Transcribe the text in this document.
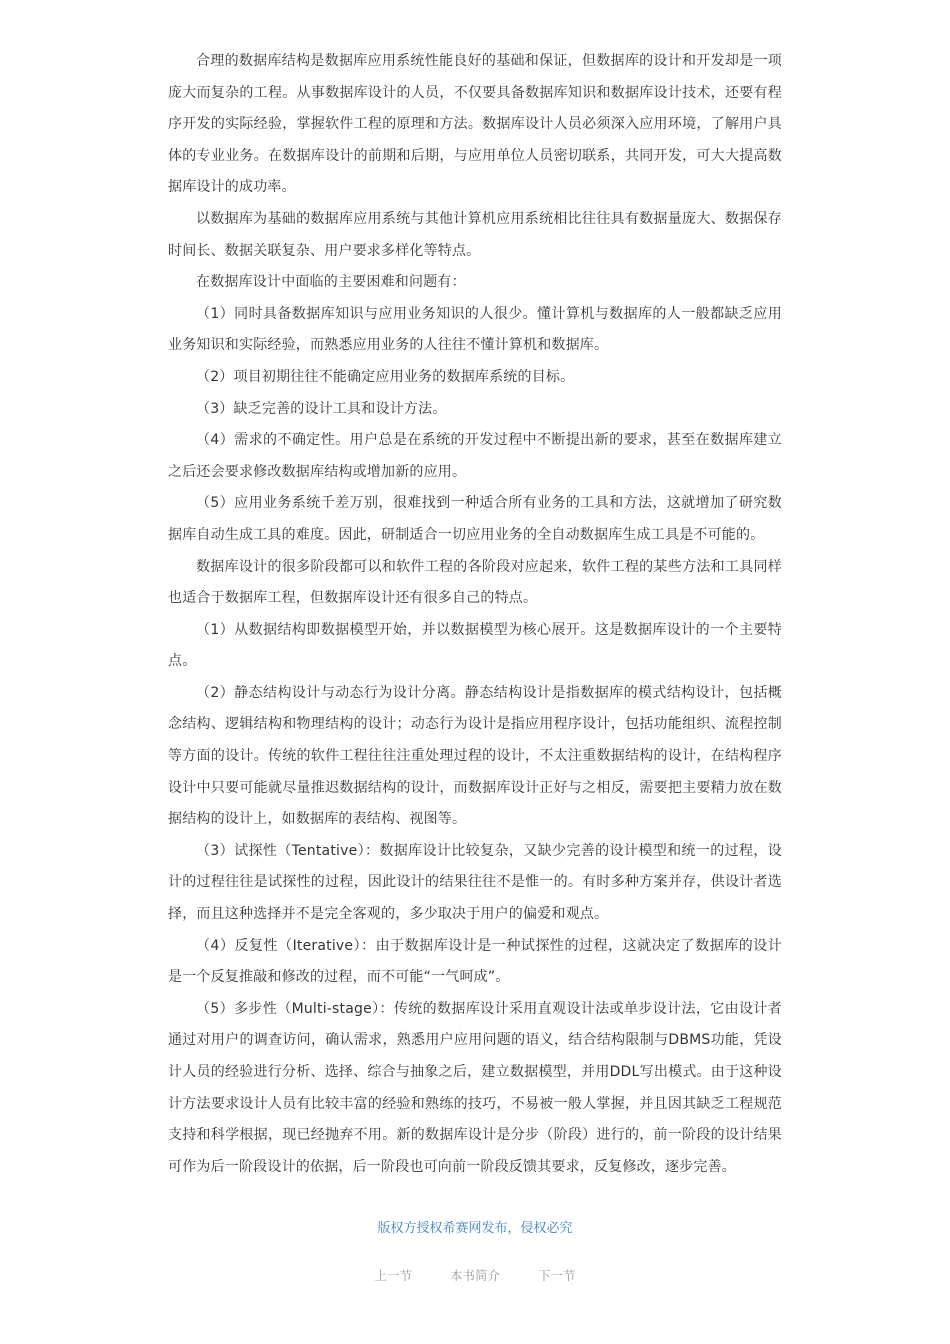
合理的数据库结构是数据库应用系统性能良好的基础和保证，但数据库的设计和开发却是一项庞大而复杂的工程。从事数据库设计的人员，不仅要具备数据库知识和数据库设计技术，还要有程序开发的实际经验，掌握软件工程的原理和方法。数据库设计人员必须深入应用环境，了解用户具体的专业业务。在数据库设计的前期和后期，与应用单位人员密切联系，共同开发，可大大提高数据库设计的成功率。

以数据库为基础的数据库应用系统与其他计算机应用系统相比往往具有数据量庞大、数据保存时间长、数据关联复杂、用户要求多样化等特点。

在数据库设计中面临的主要困难和问题有：

（1）同时具备数据库知识与应用业务知识的人很少。懂计算机与数据库的人一般都缺乏应用业务知识和实际经验，而熟悉应用业务的人往往不懂计算机和数据库。

（2）项目初期往往不能确定应用业务的数据库系统的目标。

（3）缺乏完善的设计工具和设计方法。

（4）需求的不确定性。用户总是在系统的开发过程中不断提出新的要求，甚至在数据库建立之后还会要求修改数据库结构或增加新的应用。

（5）应用业务系统千差万别，很难找到一种适合所有业务的工具和方法，这就增加了研究数据库自动生成工具的难度。因此，研制适合一切应用业务的全自动数据库生成工具是不可能的。

数据库设计的很多阶段都可以和软件工程的各阶段对应起来，软件工程的某些方法和工具同样也适合于数据库工程，但数据库设计还有很多自己的特点。

（1）从数据结构即数据模型开始，并以数据模型为核心展开。这是数据库设计的一个主要特点。

（2）静态结构设计与动态行为设计分离。静态结构设计是指数据库的模式结构设计，包括概念结构、逻辑结构和物理结构的设计；动态行为设计是指应用程序设计，包括功能组织、流程控制等方面的设计。传统的软件工程往往注重处理过程的设计，不太注重数据结构的设计，在结构程序设计中只要可能就尽量推迟数据结构的设计，而数据库设计正好与之相反，需要把主要精力放在数据结构的设计上，如数据库的表结构、视图等。

（3）试探性（Tentative）：数据库设计比较复杂，又缺少完善的设计模型和统一的过程，设计的过程往往是试探性的过程，因此设计的结果往往不是惟一的。有时多种方案并存，供设计者选择，而且这种选择并不是完全客观的，多少取决于用户的偏爱和观点。

（4）反复性（Iterative）：由于数据库设计是一种试探性的过程，这就决定了数据库的设计是一个反复推敲和修改的过程，而不可能“一气呵成”。

（5）多步性（Multi-stage）：传统的数据库设计采用直观设计法或单步设计法，它由设计者通过对用户的调查访问，确认需求，熟悉用户应用问题的语义，结合结构限制与DBMS功能，凭设计人员的经验进行分析、选择、综合与抽象之后，建立数据模型，并用DDL写出模式。由于这种设计方法要求设计人员有比较丰富的经验和熟练的技巧，不易被一般人掌握，并且因其缺乏工程规范支持和科学根据，现已经抛弃不用。新的数据库设计是分步（阶段）进行的，前一阶段的设计结果可作为后一阶段设计的依据，后一阶段也可向前一阶段反馈其要求，反复修改，逐步完善。

版权方授权希赛网发布，侵权必究
上一节	本书简介	下一节
